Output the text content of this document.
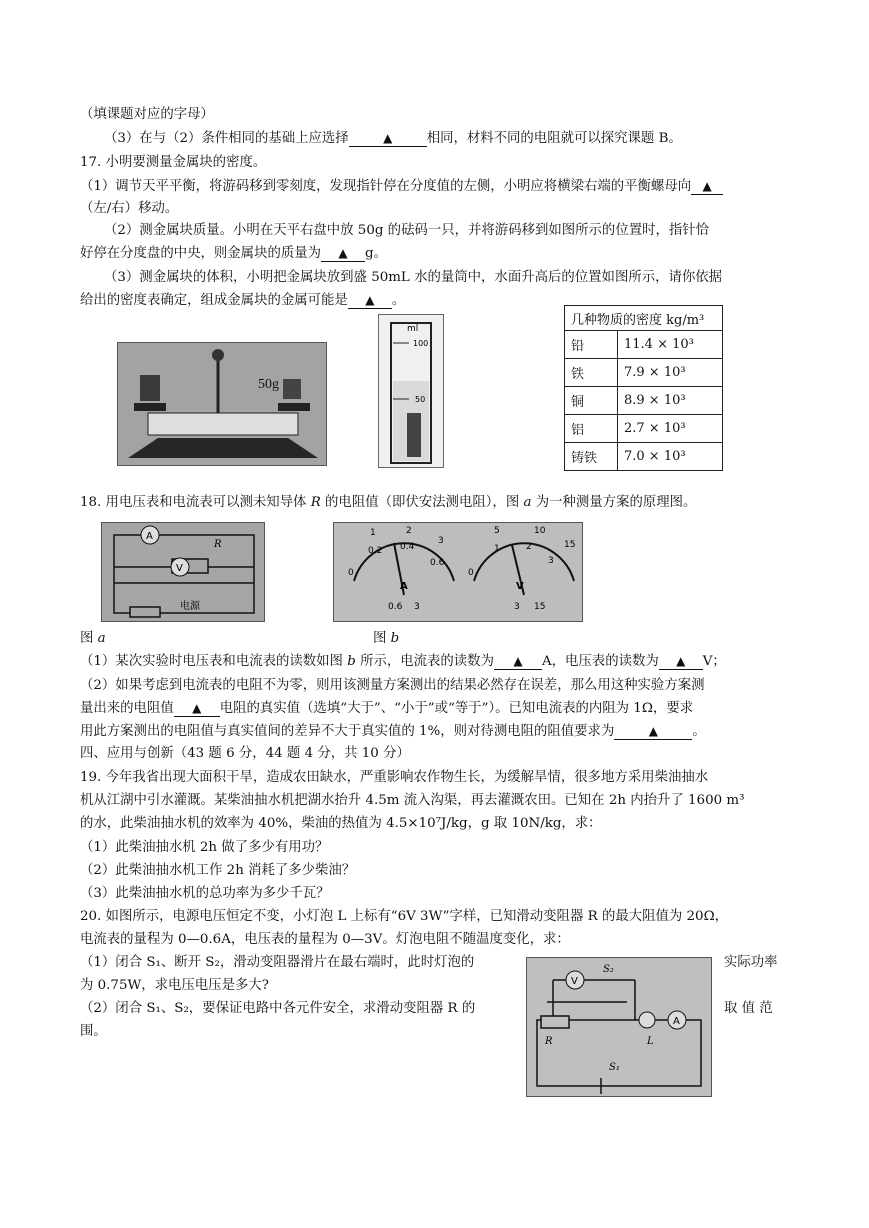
（填课题对应的字母）
（3）在与（2）条件相同的基础上应选择	▲	相同，材料不同的电阻就可以探究课题 B。
17. 小明要测量金属块的密度。
（1）调节天平平衡，将游码移到零刻度，发现指针停在分度值的左侧，小明应将横梁右端的平衡螺母向 ▲
（左/右）移动。
（2）测金属块质量。小明在天平右盘中放 50g 的砝码一只，并将游码移到如图所示的位置时，指针恰
好停在分度盘的中央，则金属块的质量为 ▲ g。
（3）测金属块的体积，小明把金属块放到盛 50mL 水的量筒中，水面升高后的位置如图所示，请你依据
给出的密度表确定，组成金属块的金属可能是 ▲ 。
50g
ml
100
50
几种物质的密度 kg/m³	
铅	11.4 × 10³
铁	7.9 × 10³
铜	8.9 × 10³
铝	2.7 × 10³
铸铁	7.0 × 10³
18. 用电压表和电流表可以测未知导体 R 的电阻值（即伏安法测电阻），图 a 为一种测量方案的原理图。
A
V
R
电源
0
0.2 0.4
0.6
1	2
3
A
0.6 3
0
1	2
3
5	10
15
V
3 15
图 a	图 b
（1）某次实验时电压表和电流表的读数如图 b 所示，电流表的读数为 ▲ A，电压表的读数为 ▲ V；
（2）如果考虑到电流表的电阻不为零，则用该测量方案测出的结果必然存在误差，那么用这种实验方案测
量出来的电阻值 ▲ 电阻的真实值（选填“大于”、“小于”或“等于”）。已知电流表的内阻为 1Ω，要求
用此方案测出的电阻值与真实值间的差异不大于真实值的 1%，则对待测电阻的阻值要求为	▲	。
四、应用与创新（43 题 6 分，44 题 4 分，共 10 分）
19. 今年我省出现大面积干旱，造成农田缺水，严重影响农作物生长，为缓解旱情，很多地方采用柴油抽水
机从江湖中引水灌溉。某柴油抽水机把湖水抬升 4.5m 流入沟渠，再去灌溉农田。已知在 2h 内抬升了 1600 m³
的水，此柴油抽水机的效率为 40%，柴油的热值为 4.5×10⁷J/kg，g 取 10N/kg，求：
（1）此柴油抽水机 2h 做了多少有用功？
（2）此柴油抽水机工作 2h 消耗了多少柴油？
（3）此柴油抽水机的总功率为多少千瓦？
20. 如图所示，电源电压恒定不变，小灯泡 L 上标有“6V 3W”字样，已知滑动变阻器 R 的最大阻值为 20Ω，
电流表的量程为 0—0.6A，电压表的量程为 0—3V。灯泡电阻不随温度变化，求：
（1）闭合 S₁、断开 S₂，滑动变阻器滑片在最右端时，此时灯泡的	实际功率
为 0.75W，求电压电压是多大?
（2）闭合 S₁、S₂，要保证电路中各元件安全，求滑动变阻器 R 的	取 值 范
围。
V
S₂
R	L
A
S₁
